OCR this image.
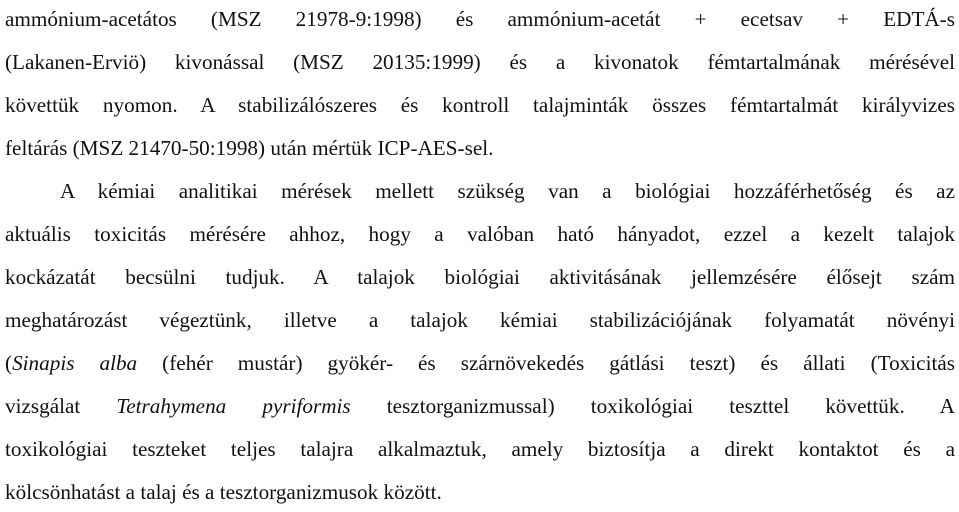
ammónium-acetátos (MSZ 21978-9:1998) és ammónium-acetát + ecetsav + EDTÁ-s
(Lakanen-Erviö) kivonással (MSZ 20135:1999) és a kivonatok fémtartalmának mérésével
követtük nyomon. A stabilizálószeres és kontroll talajminták összes fémtartalmát királyvizes
feltárás (MSZ 21470-50:1998) után mértük ICP-AES-sel.
A kémiai analitikai mérések mellett szükség van a biológiai hozzáférhetőség és az
aktuális toxicitás mérésére ahhoz, hogy a valóban ható hányadot, ezzel a kezelt talajok
kockázatát becsülni tudjuk. A talajok biológiai aktivitásának jellemzésére élősejt szám
meghatározást végeztünk, illetve a talajok kémiai stabilizációjának folyamatát növényi
(Sinapis alba (fehér mustár) gyökér- és szárnövekedés gátlási teszt) és állati (Toxicitás
vizsgálat Tetrahymena pyriformis tesztorganizmussal) toxikológiai teszttel követtük. A
toxikológiai teszteket teljes talajra alkalmaztuk, amely biztosítja a direkt kontaktot és a
kölcsönhatást a talaj és a tesztorganizmusok között.
